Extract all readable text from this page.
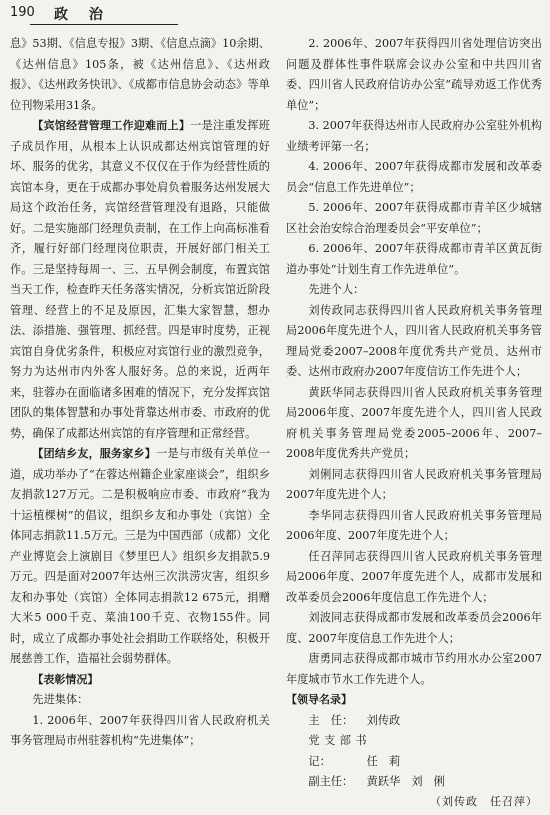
190 政 治

息》53期、《信息专报》3期、《信息点滴》10余期、《达州信息》105条，被《达州信息》、《达州政报》、《达州政务快讯》、《成都市信息协会动态》等单位刊物采用31条。

【宾馆经营管理工作迎难而上】一是注重发挥班子成员作用，从根本上认识成都达州宾馆管理的好坏、服务的优劣，其意义不仅仅在于作为经营性质的宾馆本身，更在于成都办事处肩负着服务达州发展大局这个政治任务，宾馆经营管理没有退路，只能做好。二是实施部门经理负责制，在工作上向高标准看齐，履行好部门经理岗位职责，开展好部门相关工作。三是坚持每周一、三、五早例会制度，布置宾馆当天工作，检查昨天任务落实情况，分析宾馆近阶段管理、经营上的不足及原因，汇集大家智慧，想办法、添措施、强管理、抓经营。四是审时度势，正视宾馆自身优劣条件，积极应对宾馆行业的激烈竞争，努力为达州市内外客人服好务。总的来说，近两年来，驻蓉办在面临诸多困难的情况下，充分发挥宾馆团队的集体智慧和办事处背靠达州市委、市政府的优势，确保了成都达州宾馆的有序管理和正常经营。

【团结乡友，服务家乡】一是与市级有关单位一道，成功举办了“在蓉达州籍企业家座谈会”，组织乡友捐款127万元。二是积极响应市委、市政府“我为十运植棵树”的倡议，组织乡友和办事处（宾馆）全体同志捐款11.5万元。三是为中国西部（成都）文化产业博览会上演剧目《梦里巴人》组织乡友捐款5.9万元。四是面对2007年达州三次洪涝灾害，组织乡友和办事处（宾馆）全体同志捐款12 675元，捐赠大米5 000千克、菜油100千克、衣物155件。同时，成立了成都办事处社会捐助工作联络处，积极开展慈善工作，造福社会弱势群体。

【表彰情况】

先进集体：

1. 2006年、2007年获得四川省人民政府机关事务管理局市州驻蓉机构“先进集体”；

2. 2006年、2007年获得四川省处理信访突出问题及群体性事件联席会议办公室和中共四川省委、四川省人民政府信访办公室“疏导劝返工作优秀单位”；

3. 2007年获得达州市人民政府办公室驻外机构业绩考评第一名；

4. 2006年、2007年获得成都市发展和改革委员会“信息工作先进单位”；

5. 2006年、2007年获得成都市青羊区少城辖区社会治安综合治理委员会“平安单位”；

6. 2006年、2007年获得成都市青羊区黄瓦街道办事处“计划生育工作先进单位”。

先进个人：

刘传政同志获得四川省人民政府机关事务管理局2006年度先进个人，四川省人民政府机关事务管理局党委2007–2008年度优秀共产党员、达州市委、达州市政府办2007年度信访工作先进个人；

黄跃华同志获得四川省人民政府机关事务管理局2006年度、2007年度先进个人，四川省人民政府机关事务管理局党委2005–2006年、2007–2008年度优秀共产党员；

刘俐同志获得四川省人民政府机关事务管理局2007年度先进个人；

李华同志获得四川省人民政府机关事务管理局2006年度、2007年度先进个人；

任召萍同志获得四川省人民政府机关事务管理局2006年度、2007年度先进个人，成都市发展和改革委员会2006年度信息工作先进个人；

刘波同志获得成都市发展和改革委员会2006年度、2007年度信息工作先进个人；

唐勇同志获得成都市城市节约用水办公室2007年度城市节水工作先进个人。

【领导名录】

主　任： 刘传政

党支部书记：	任　莉

副主任： 黄跃华　刘　俐

（刘传政　任召萍）
